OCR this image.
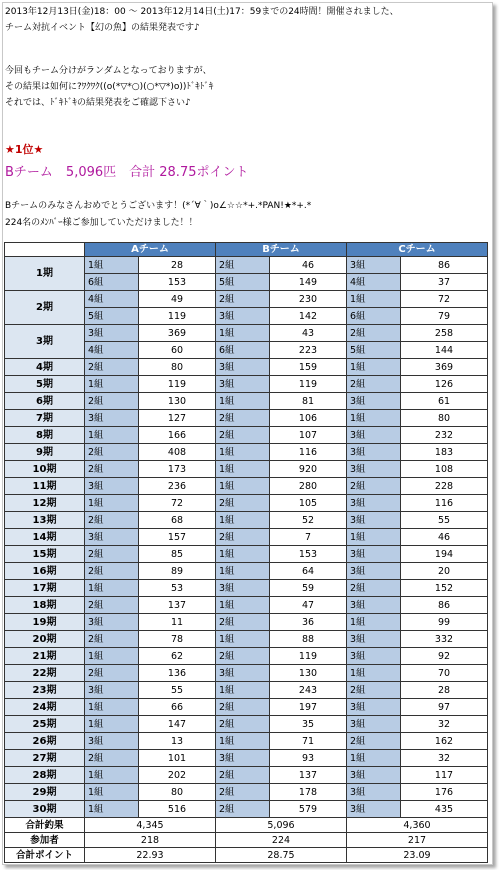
2013年12月13日(金)18：00 ～ 2013年12月14日(土)17：59までの24時間！開催されました、
チーム対抗イベント【幻の魚】の結果発表です♪
今回もチーム分けがランダムとなっておりますが、
その結果は如何に?ﾜｸﾜｸ((o(*▽*○)(○*▽*)o))ﾄﾞｷﾄﾞｷ
それでは、ﾄﾞｷﾄﾞｷの結果発表をご確認下さい♪
★1位★
Bチーム　5,096匹　合計 28.75ポイント
Bチームのみなさんおめでとうございます！(*´∀｀)o∠☆☆*+.*PAN!★*+.*
224名のﾒﾝﾊﾞｰ様ご参加していただけました！！
	Aチーム		Bチーム		Cチーム	
1期	1組	28	2組	46	3組	86
	6組	153	5組	149	4組	37
2期	4組	49	2組	230	1組	72
	5組	119	3組	142	6組	79
3期	3組	369	1組	43	2組	258
	4組	60	6組	223	5組	144
4期	2組	80	3組	159	1組	369
5期	1組	119	3組	119	2組	126
6期	2組	130	1組	81	3組	61
7期	3組	127	2組	106	1組	80
8期	1組	166	2組	107	3組	232
9期	2組	408	1組	116	3組	183
10期	2組	173	1組	920	3組	108
11期	3組	236	1組	280	2組	228
12期	1組	72	2組	105	3組	116
13期	2組	68	1組	52	3組	55
14期	3組	157	2組	7	1組	46
15期	2組	85	1組	153	3組	194
16期	2組	89	1組	64	3組	20
17期	1組	53	3組	59	2組	152
18期	2組	137	1組	47	3組	86
19期	3組	11	2組	36	1組	99
20期	2組	78	1組	88	3組	332
21期	1組	62	2組	119	3組	92
22期	2組	136	3組	130	1組	70
23期	3組	55	1組	243	2組	28
24期	1組	66	2組	197	3組	97
25期	1組	147	2組	35	3組	32
26期	3組	13	1組	71	2組	162
27期	2組	101	3組	93	1組	32
28期	1組	202	2組	137	3組	117
29期	1組	80	2組	178	3組	176
30期	1組	516	2組	579	3組	435
合計釣果	4,345		5,096		4,360	
参加者	218		224		217	
合計ポイント	22.93		28.75		23.09	
